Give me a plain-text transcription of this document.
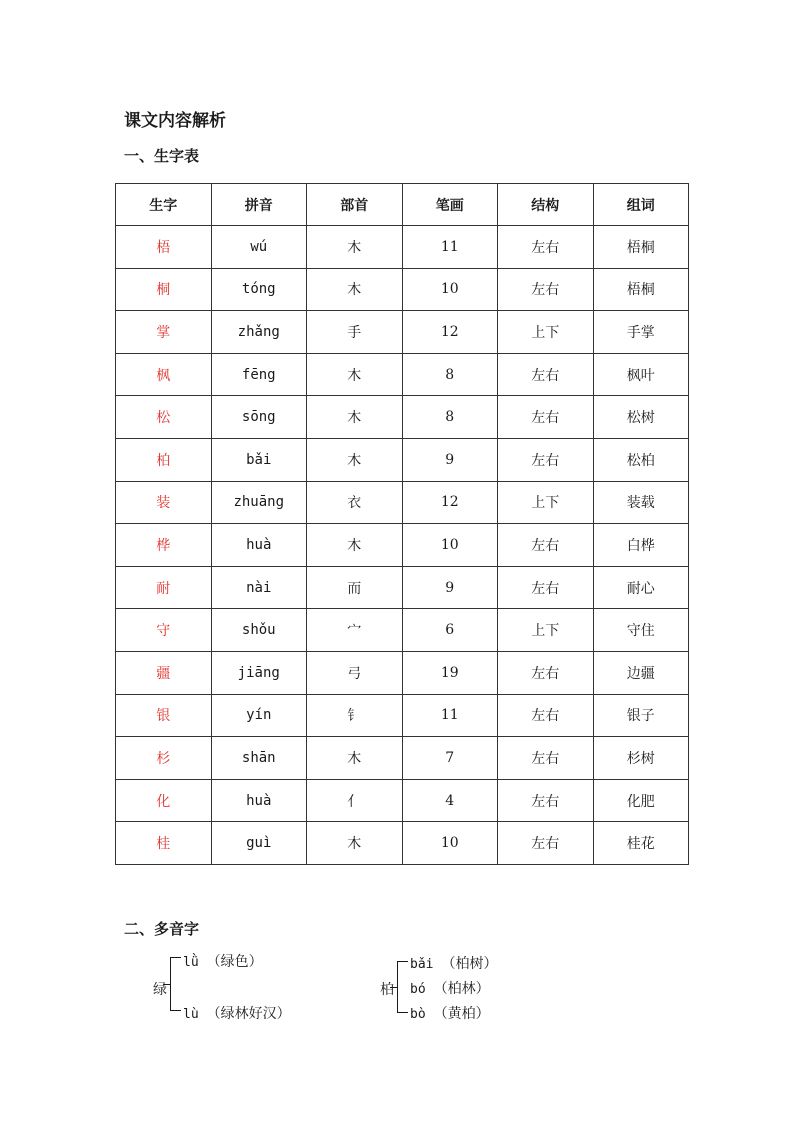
课文内容解析
一、生字表
生字	拼音	部首	笔画	结构	组词
梧	wú	木	11	左右	梧桐
桐	tóng	木	10	左右	梧桐
掌	zhǎng	手	12	上下	手掌
枫	fēng	木	8	左右	枫叶
松	sōng	木	8	左右	松树
柏	bǎi	木	9	左右	松柏
装	zhuāng	衣	12	上下	装载
桦	huà	木	10	左右	白桦
耐	nài	而	9	左右	耐心
守	shǒu	宀	6	上下	守住
疆	jiāng	弓	19	左右	边疆
银	yín	钅	11	左右	银子
杉	shān	木	7	左右	杉树
化	huà	亻	4	左右	化肥
桂	guì	木	10	左右	桂花
二、多音字
绿
lǜ （绿色）
lù （绿林好汉）
柏
bǎi （柏树）
bó （柏林）
bò （黄柏）
